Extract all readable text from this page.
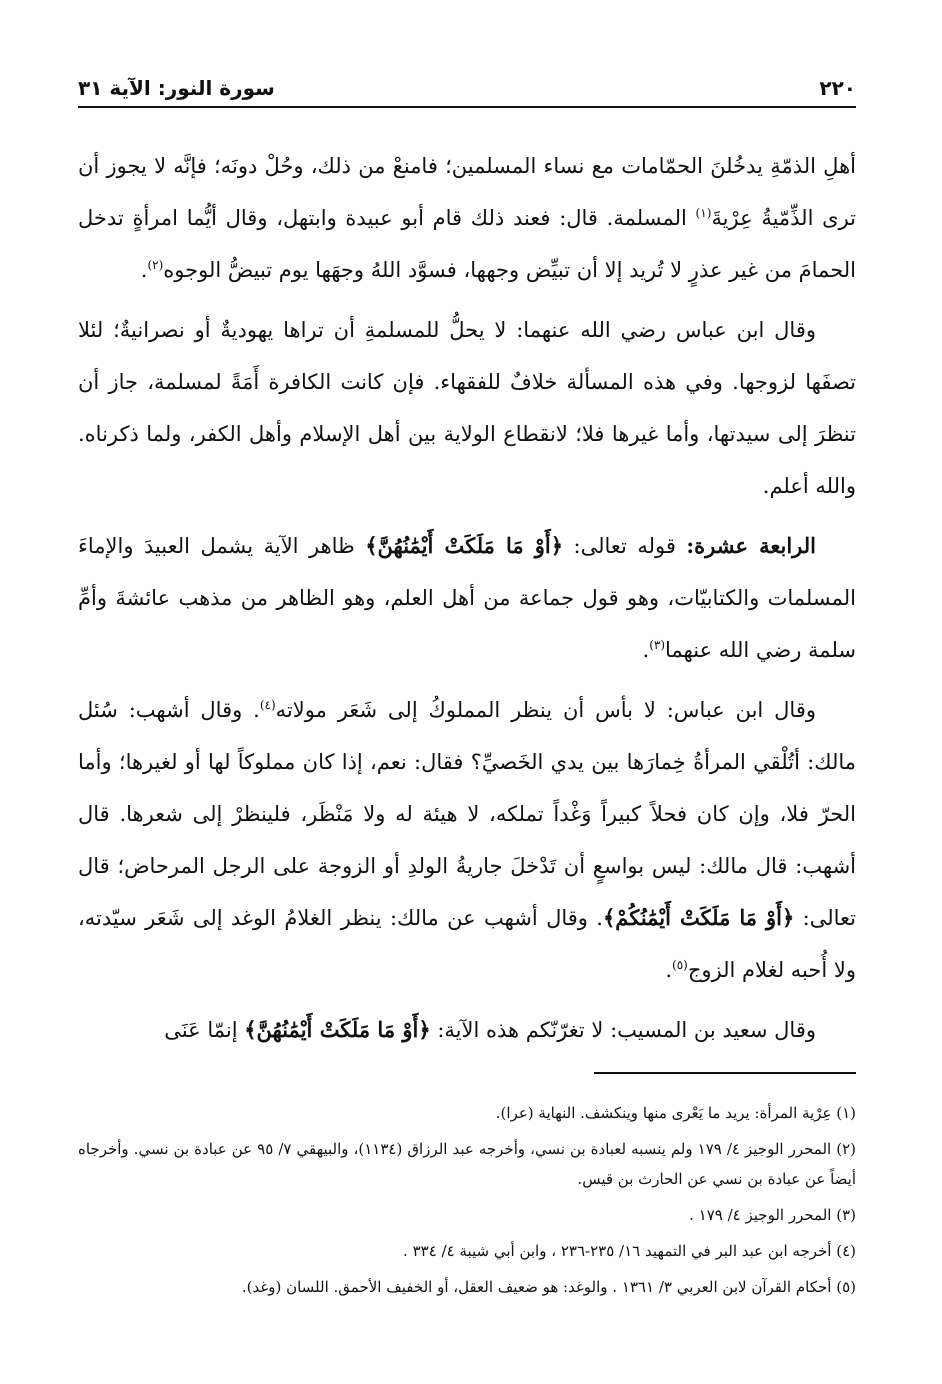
٢٢٠
سورة النور: الآية ٣١

أهلِ الذمّةِ يدخُلنَ الحمّامات مع نساء المسلمين؛ فامنعْ من ذلك، وحُلْ دونَه؛ فإنَّه لا يجوز أن ترى الذِّمّيةُ عِرْيةَ$^{(١)}$ المسلمة. قال: فعند ذلك قام أبو عبيدة وابتهل، وقال أيُّما امرأةٍ تدخل الحمامَ من غير عذرٍ لا تُريد إلا أن تبيِّض وجهها، فسوَّد اللهُ وجهَها يوم تبيضُّ الوجوه$^{(٢)}$.

وقال ابن عباس رضي الله عنهما: لا يحلُّ للمسلمةِ أن تراها يهوديةٌ أو نصرانيةٌ؛ لئلا تصفَها لزوجها. وفي هذه المسألة خلافٌ للفقهاء. فإن كانت الكافرة أَمَةً لمسلمة، جاز أن تنظرَ إلى سيدتها، وأما غيرها فلا؛ لانقطاع الولاية بين أهل الإسلام وأهل الكفر، ولما ذكرناه. والله أعلم.

الرابعة عشرة: قوله تعالى: ﴿أَوْ مَا مَلَكَتْ أَيْمَٰنُهُنَّ﴾ ظاهر الآية يشمل العبيدَ والإماءَ المسلمات والكتابيّات، وهو قول جماعة من أهل العلم، وهو الظاهر من مذهب عائشةَ وأمِّ سلمة رضي الله عنهما$^{(٣)}$.

وقال ابن عباس: لا بأس أن ينظر المملوكُ إلى شَعَر مولاته$^{(٤)}$. وقال أشهب: سُئل مالك: أتُلْقي المرأةُ خِمارَها بين يدي الخَصيِّ؟ فقال: نعم، إذا كان مملوكاً لها أو لغيرها؛ وأما الحرّ فلا، وإن كان فحلاً كبيراً وَغْداً تملكه، لا هيئة له ولا مَنْظَر، فلينظرْ إلى شعرها. قال أشهب: قال مالك: ليس بواسعٍ أن تَدْخلَ جاريةُ الولدِ أو الزوجة على الرجل المرحاض؛ قال تعالى: ﴿أَوْ مَا مَلَكَتْ أَيْمَٰنُكُمْ﴾. وقال أشهب عن مالك: ينظر الغلامُ الوغد إلى شَعَر سيّدته، ولا أُحبه لغلام الزوج$^{(٥)}$.

وقال سعيد بن المسيب: لا تغرّنّكم هذه الآية: ﴿أَوْ مَا مَلَكَتْ أَيْمَٰنُهُنَّ﴾ إنمّا عَنَى

(١) عِرْية المرأة: يريد ما يَعْرى منها وينكشف. النهاية (عرا).

(٢) المحرر الوجيز ٤/ ١٧٩ ولم ينسبه لعبادة بن نسي، وأخرجه عبد الرزاق (١١٣٤)، والبيهقي ٧/ ٩٥ عن عبادة بن نسي. وأخرجاه أيضاً عن عبادة بن نسي عن الحارث بن قيس.

(٣) المحرر الوجيز ٤/ ١٧٩ .

(٤) أخرجه ابن عبد البر في التمهيد ١٦/ ٢٣٥-٢٣٦ ، وابن أبي شيبة ٤/ ٣٣٤ .

(٥) أحكام القرآن لابن العربي ٣/ ١٣٦١ . والوغد: هو ضعيف العقل، أو الخفيف الأحمق. اللسان (وغد).
